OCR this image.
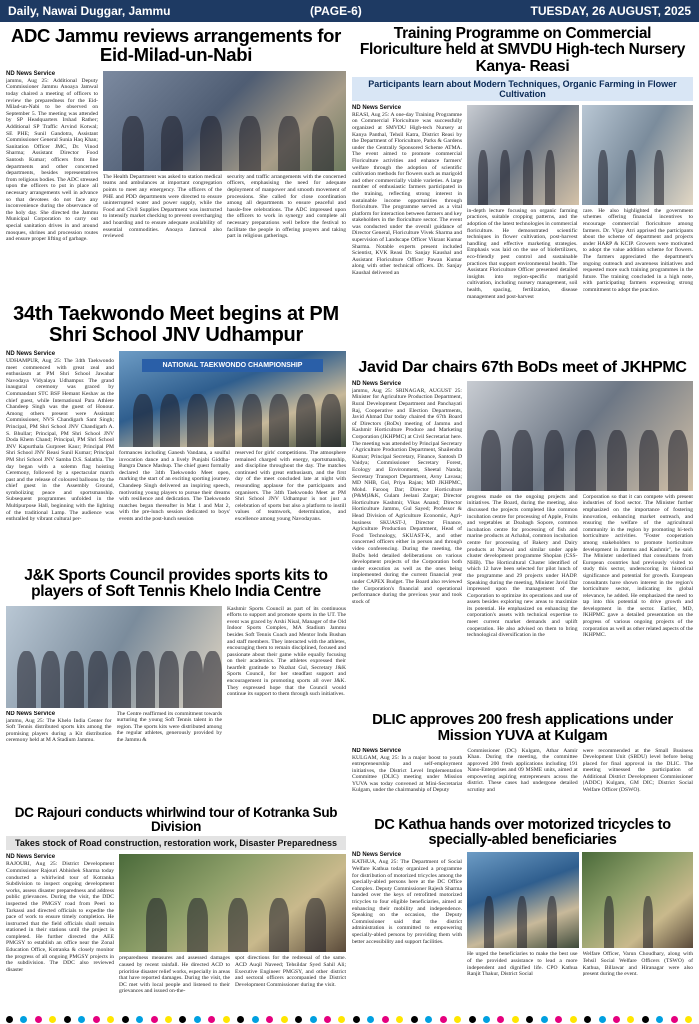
Daily, Nawai Duggar, Jammu	(PAGE-6)	TUESDAY, 26 AUGUST, 2025
ADC Jammu reviews arrangements for Eid-Milad-un-Nabi
ND News Service
jammu, Aug 25: Additional Deputy Commissioner Jammu Anoaya Jamwal today chaired a meeting of officers to review the preparedness for the Eid-Milad-un-Nabi to be observed on September 5. The meeting was attended by SP Headquarters Irshad Rather; Additional SP Traffic Arvind Kotwal; SE PHE; Sunil Gandotra, Assistant Commissioner General Sunia Haq Khan; Sanitation Officer JMC, Dr. Vinod Sharma; Assistant Director Food Santosh Kumar; officers from line departments and other concerned departments, besides representatives from religious bodies. The ADC stressed upon the officers to put in place all necessary arrangements well in advance so that devotees do not face any inconvenience during the observance of the holy day. She directed the Jammu Municipal Corporation to carry out special sanitation drives in and around mosques, shrines and procession routes and ensure proper lifting of garbage.
The Health Department was asked to station medical teams and ambulances at important congregation points to meet any emergency. The officers of the PHE and PDD departments were directed to ensure uninterrupted water and power supply, while the Food and Civil Supplies Department was instructed to intensify market checking to prevent overcharging and hoarding and to ensure adequate availability of essential commodities. Anoaya Jamwal also reviewed
security and traffic arrangements with the concerned officers, emphasising the need for adequate deployment of manpower and smooth movement of processions. She called for close coordination among all departments to ensure peaceful and hassle-free celebrations. The ADC impressed upon the officers to work in synergy and complete all necessary preparations well before the festival to facilitate the people in offering prayers and taking part in religious gatherings.
34th Taekwondo Meet begins at PM Shri School JNV Udhampur
ND News Service
UDHAMPUR, Aug 25: The 34th Taekwondo meet commenced with great zeal and enthusiasm at PM Shri School Jawahar Navodaya Vidyalaya Udhampur. The grand inaugural ceremony was graced by Commandant STC BSF Hemant Keshav as the chief guest, while International Para Athlete Chandeep Singh was the guest of Honour. Among others present were Assistant Commissioner, NVS Chandigarh Sant Singh; Principal, PM Shri School JNV Chandigarh A. S. Bhullar; Principal, PM Shri School JNV Doda Khem Chand; Principal, PM Shri School JNV Kapurthala Gurpreet Kaur; Principal PM Shri School JNV Reasi Sunil Kumar; Principal PM Shri School JNV Samba D.S. Salathia. The day began with a solemn flag hoisting Ceremony, followed by a spectacular march past and the release of coloured balloons by the chief guest in the Assembly Ground, symbolizing peace and sportsmanship. Subsequent programmes unfolded in the Multipurpose Hall, beginning with the lighting of the traditional Lamp. The audience was enthralled by vibrant cultural per-
NATIONAL TAEKWONDO CHAMPIONSHIP
formances including Ganesh Vandana, a soulful invocation dance and a lively Punjabi Giddha-Bangra Dance Mashup. The chief guest formally declared the 34th Taekwondo Meet open, marking the start of an exciting sporting journey. Chandeep Singh delivered an inspiring speech, motivating young players to pursue their dreams with resilience and dedication. The Taekwondo matches began thereafter in Mat 1 and Mat 2, with the pre-lunch session dedicated to boys' events and the post-lunch session
reserved for girls' competitions. The atmosphere remained charged with energy, sportsmanship, and discipline throughout the day. The matches continued with great enthusiasm, and the first day of the meet concluded late at night with resounding applause for the participants and organisers. The 34th Taekwondo Meet at PM Shri School JNV Udhampur is not just a celebration of sports but also a platform to instill values of teamwork, determination, and excellence among young Navodayans.
J&K Sports Council provides sports kits to players of Soft Tennis Khelo India Centre
ND News Service
jammu, Aug 25: The Khelo India Center for Soft Tennis distributed sports kits among the promising players during a Kit distribution ceremony held at M A Stadium Jammu.
The Centre reaffirmed its commitment towards nurturing the young Soft Tennis talent in the region. The sports kits were distributed among the regular athletes, generously provided by the Jammu &
Kashmir Sports Council as part of its continuous efforts to support and promote sports in the UT. The event was graced by Arshi Nisal, Manager of the Old Indoor Sports Complex, MA Stadium Jammu besides Soft Tennis Coach and Mentor Indu Bushan and staff members. They interacted with the athletes, encouraging them to remain disciplined, focused and passionate about their game while equally focusing on their academics. The athletes expressed their heartfelt gratitude to Nuzhat Gul, Secretary J&K Sports Council, for her steadfast support and encouragement in promoting sports all over J&K. They expressed hope that the Council would continue its support to them through such initiatives.
DC Rajouri conducts whirlwind tour of Kotranka Sub Division
Takes stock of Road construction, restoration work, Disaster Preparedness
ND News Service
RAJOURI, Aug 25: District Development Commissioner Rajouri Abhishek Sharma today conducted a whirlwind tour of Kotranka Subdivision to inspect ongoing development works, assess disaster preparedness and address public grievances. During the visit, the DDC inspected the PMGSY road from Peeri to Tarkassi and directed officials to expedite the pace of work to ensure timely completion. He instructed that the field officials shall remain stationed in their stations until the project is completed. He further directed the AEE PMGSY to establish an office near the Zonal Education Office, Kotranka & closely monitor the progress of all ongoing PMGSY projects in the subdivision. The DDC also reviewed disaster
preparedness measures and assessed damages caused by recent rainfall. He directed ACD to prioritise disaster relief works, especially in areas that have reported damages. During the visit, the DC met with local people and listened to their grievances and issued on-the-
spot directions for the redressal of the same. ACD Auqil Naveed; Tehsildar Syed Sahil Ali; Executive Engineer PMGSY, and other district and sectoral officers accompanied the District Development Commissioner during the visit.
Training Programme on Commercial Floriculture held at SMVDU High-tech Nursery Kanya- Reasi
Participants learn about Modern Techniques, Organic Farming in Flower Cultivation
ND News Service
REASI, Aug 25: A one-day Training Programme on Commercial Floriculture was successfully organized at SMVDU High-tech Nursery at Kanya Panthal, Tehsil Katra, District Reasi by the Department of Floriculture, Parks & Gardens under the Centrally Sponsored Scheme ATMA. The event aimed to promote commercial Floriculture activities and enhance farmers' welfare through the adoption of scientific cultivation methods for flowers such as marigold and other commercially viable varieties. A large number of enthusiastic farmers participated in the training, reflecting strong interest in sustainable income opportunities through floriculture. The programme served as a vital platform for interaction between farmers and key stakeholders in the floriculture sector. The event was conducted under the overall guidance of Director General, Floriculture Vivek Sharma and supervision of Landscape Officer Vikrant Kumar Sharma. Notable experts present included Scientist, KVK Reasi Dr. Sanjay Kaushal and Assistant Floriculture Officer Pawan Kumar along with other technical officers. Dr. Sanjay Kaushal delivered an
in-depth lecture focusing on organic farming practices, suitable cropping patterns, and the adoption of the latest technologies in commercial floriculture. He demonstrated scientific techniques in flower cultivation, post-harvest handling and effective marketing strategies. Emphasis was laid on the use of biofertilizers, eco-friendly pest control and sustainable practices that support environmental health. The Assistant Floriculture Officer presented detailed insights into region-specific marigold cultivation, including nursery management, soil health, spacing, fertilization, disease management and post-harvest
care. He also highlighted the government schemes offering financial incentives to encourage commercial floriculture among farmers. Dr. Vijay Atri apprised the participants about the scheme of department and projects under HARP & KCIP. Growers were motivated to adopt the value addition scheme for flowers. The farmers appreciated the department's ongoing outreach and awareness initiatives and requested more such training programmes in the future. The training concluded in a high note, with participating farmers expressing strong commitment to adopt the practice.
Javid Dar chairs 67th BoDs meet of JKHPMC
ND News Service
jammu, Aug 25: SRINAGAR, AUGUST 25: Minister for Agriculture Production Department, Rural Development Department and Panchayati Raj, Cooperative and Election Departments, Javid Ahmad Dar today chaired the 67th Board of Directors (BoDs) meeting of Jammu and Kashmir Horticulture Produce and Marketing Corporation (JKHPMC) at Civil Secretariat here. The meeting was attended by Principal Secretary / Agriculture Production Department, Shailendra Kumar; Principal Secretary, Finance, Santosh D Vaidya; Commissioner Secretary Forest, Ecology and Environment, Sheetal Nanda; Secretary Transport Department, Avny Lavasa; MD NHB, Gol, Priya Rajan; MD JKHPMC, Mohd. Farooq Dar; Director Horticulture (P&M)J&K, Gulam Jeelani Zargar; Director Horticulture Kashmir, Vikas Anand; Director Horticulture Jammu, Gul Sayed; Professor & Head Division of Agriculture Economic, Agri-business SKUAST-J, Director Finance, Agriculture Production Department, Head of Food Technology, SKUAST-K, and other concerned officers either in person and through video conferencing. During the meeting, the BoDs held detailed deliberations on various development projects of the Corporation both under execution as well as the ones being implemented during the current financial year under CAPEX Budget. The Board also reviewed the Corporation's financial and operational performance during the previous year and took stock of
progress made on the ongoing projects and initiatives. The Board, during the meeting, also discussed the projects completed like common incubation centre for processing of Apple, Fruits and vegetables at Doabagh Sopore, common incubation centre for processing of fish and marine products at Achabal, common incubation centre for processing of Bakery and Dairy products at Narwal and similar under apple cluster development programme Shopian (CSS-NHB). The Horticultural Cluster identified of which 12 have been selected for pilot lunch of the programme and 29 projects under HADP. Speaking during the meeting, Minister Javid Dar impressed upon the management of the Corporation to optimize its operations and use of assets besides exploring new areas to maximize its potential. He emphasized on enhancing the corporation's assets with technical expertise to meet current market demands and uplift cooperation. He also advised on them to bring technological diversification in the
Corporation so that it can compete with present industries of food sector. The Minister further emphasized on the importance of fostering innovation, enhancing market outreach, and ensuring the welfare of the agricultural community in the region by promoting hi-tech horticulture activities. "Foster cooperation among stakeholders to promote horticulture development in Jammu and Kashmir", he said. The Minister underlined that consultants from European countries had previously visited to study this sector, underscoring its historical significance and potential for growth. European consultants have shown interest in the region's horticulture sector, indicating its global relevance, he added. He emphasized the need to tap into this potential to drive growth and development in the sector. Earlier, MD, JKHPMC gave a detailed presentation on the progress of various ongoing projects of the corporation as well as other related aspects of the JKHPMC.
DLIC approves 200 fresh applications under Mission YUVA at Kulgam
ND News Service
KULGAM, Aug 25: In a major boost to youth entrepreneurship and self-employment initiatives, the District Level Implementation Committee (DLIC) meeting under Mission YUVA was today convened at Mini-Secretariat Kulgam, under the chairmanship of Deputy
Commissioner (DC) Kulgam, Athar Aamir Khan. During the meeting, the committee approved 200 fresh applications including 191 Nano-Enterprises and 09 MSME units, aimed at empowering aspiring entrepreneurs across the district. These cases had undergone detailed scrutiny and
were recommended at the Small Business Development Unit (SBDU) level before being placed for final approval in the DLIC. The meeting witnessed the participation of Additional District Development Commissioner (ADDC) Kulgam, GM DIC; District Social Welfare Officer (DSWO).
DC Kathua hands over motorized tricycles to specially-abled beneficiaries
ND News Service
KATHUA, Aug 25: The Department of Social Welfare Kathua today organized a programme for distribution of motorized tricycles among the specially-abled persons here at the DC Office Complex. Deputy Commissioner Rajesh Sharma handed over the keys of retrofitted motorized tricycles to four eligible beneficiaries, aimed at enhancing their mobility and independence. Speaking on the occasion, the Deputy Commissioner said that the district administration is committed to empowering specially-abled persons by providing them with better accessibility and support facilities.
He urged the beneficiaries to make the best use of the provided assistance to lead a more independent and dignified life. CPO Kathua Ranjit Thakur, District Social
Welfare Officer, Varun Choudhary, along with Tehsil Social Welfare Officers (TSWO) of Kathua, Billawar and Hiranagar were also present during the event.
